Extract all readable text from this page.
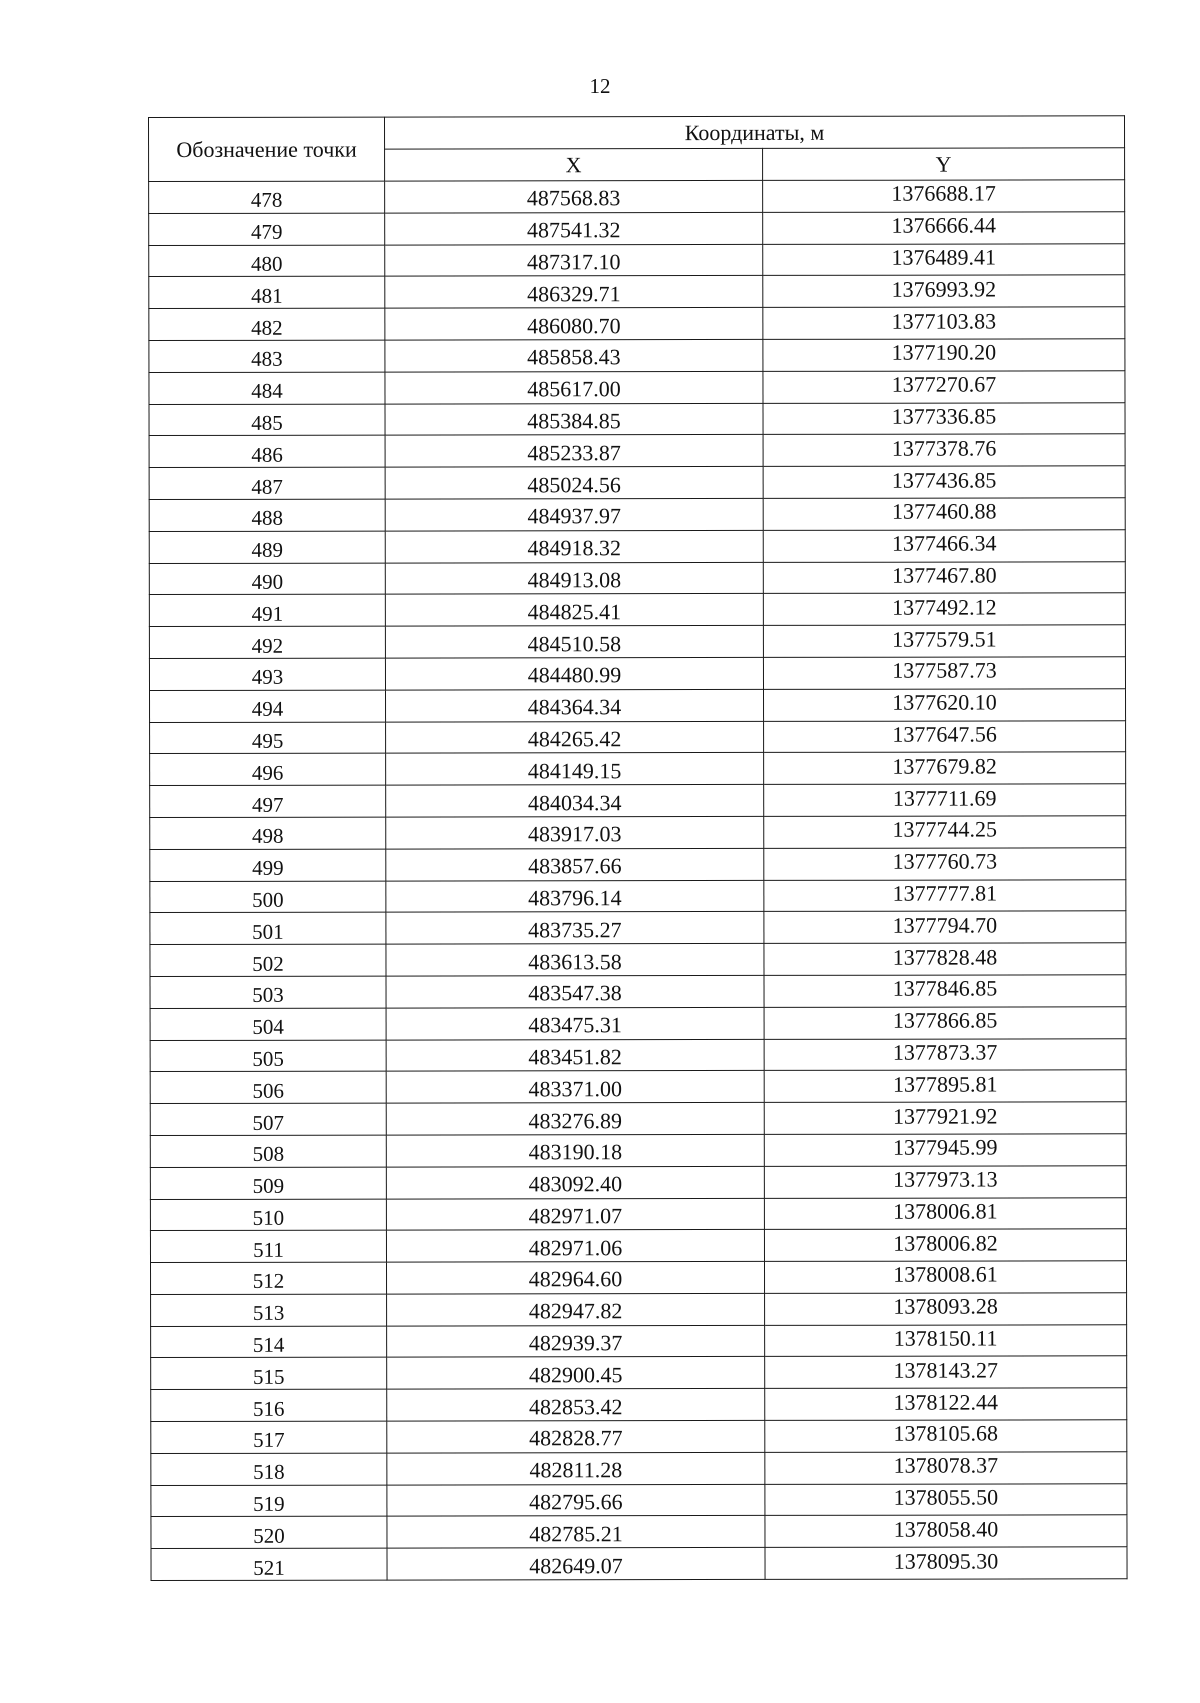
12
Обозначение точки	Координаты, м	
	X	Y
478	487568.83	1376688.17
479	487541.32	1376666.44
480	487317.10	1376489.41
481	486329.71	1376993.92
482	486080.70	1377103.83
483	485858.43	1377190.20
484	485617.00	1377270.67
485	485384.85	1377336.85
486	485233.87	1377378.76
487	485024.56	1377436.85
488	484937.97	1377460.88
489	484918.32	1377466.34
490	484913.08	1377467.80
491	484825.41	1377492.12
492	484510.58	1377579.51
493	484480.99	1377587.73
494	484364.34	1377620.10
495	484265.42	1377647.56
496	484149.15	1377679.82
497	484034.34	1377711.69
498	483917.03	1377744.25
499	483857.66	1377760.73
500	483796.14	1377777.81
501	483735.27	1377794.70
502	483613.58	1377828.48
503	483547.38	1377846.85
504	483475.31	1377866.85
505	483451.82	1377873.37
506	483371.00	1377895.81
507	483276.89	1377921.92
508	483190.18	1377945.99
509	483092.40	1377973.13
510	482971.07	1378006.81
511	482971.06	1378006.82
512	482964.60	1378008.61
513	482947.82	1378093.28
514	482939.37	1378150.11
515	482900.45	1378143.27
516	482853.42	1378122.44
517	482828.77	1378105.68
518	482811.28	1378078.37
519	482795.66	1378055.50
520	482785.21	1378058.40
521	482649.07	1378095.30
